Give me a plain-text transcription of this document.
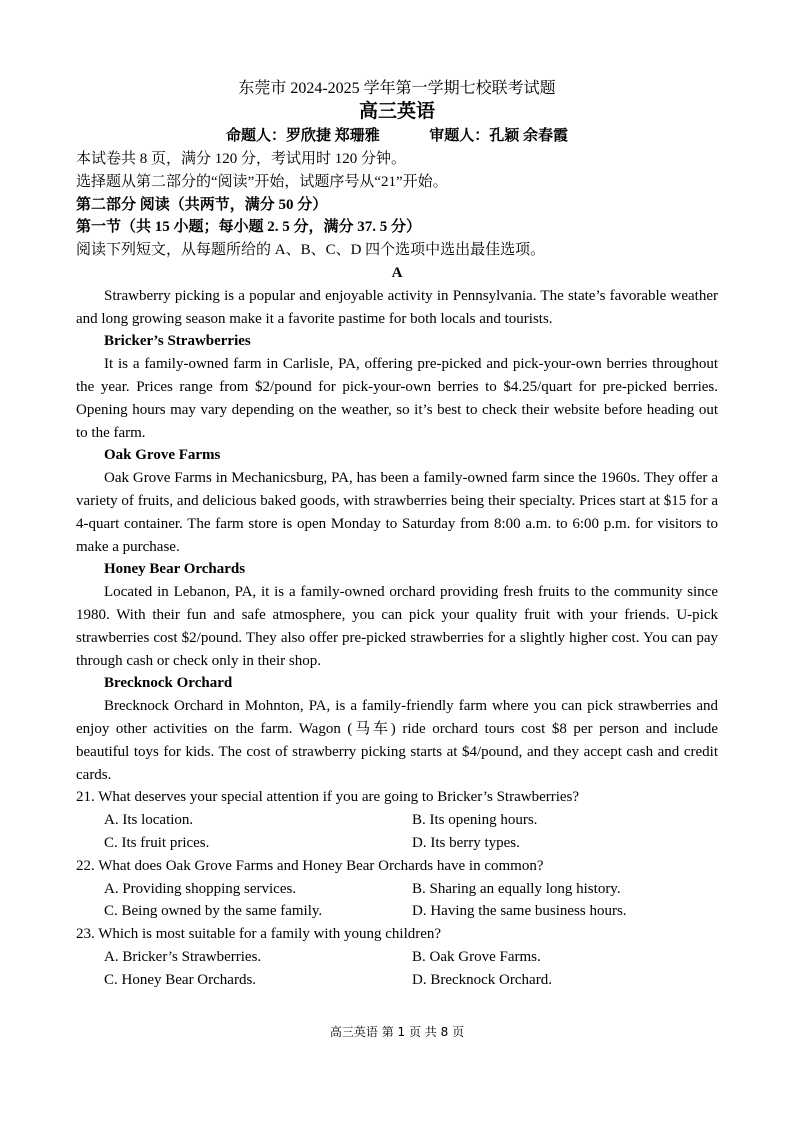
东莞市 2024-2025 学年第一学期七校联考试题

高三英语

命题人：罗欣捷 郑珊雅	审题人：孔颖 余春霞

本试卷共 8 页，满分 120 分，考试用时 120 分钟。

选择题从第二部分的“阅读”开始，试题序号从“21”开始。

第二部分 阅读（共两节，满分 50 分）

第一节（共 15 小题；每小题 2. 5 分，满分 37. 5 分）

阅读下列短文，从每题所给的 A、B、C、D 四个选项中选出最佳选项。

A

Strawberry picking is a popular and enjoyable activity in Pennsylvania. The state’s favorable weather and long growing season make it a favorite pastime for both locals and tourists.

Bricker’s Strawberries

It is a family-owned farm in Carlisle, PA, offering pre-picked and pick-your-own berries throughout the year. Prices range from $2/pound for pick-your-own berries to $4.25/quart for pre-picked berries. Opening hours may vary depending on the weather, so it’s best to check their website before heading out to the farm.

Oak Grove Farms

Oak Grove Farms in Mechanicsburg, PA, has been a family-owned farm since the 1960s. They offer a variety of fruits, and delicious baked goods, with strawberries being their specialty. Prices start at $15 for a 4-quart container. The farm store is open Monday to Saturday from 8:00 a.m. to 6:00 p.m. for visitors to make a purchase.

Honey Bear Orchards

Located in Lebanon, PA, it is a family-owned orchard providing fresh fruits to the community since 1980. With their fun and safe atmosphere, you can pick your quality fruit with your friends. U-pick strawberries cost $2/pound. They also offer pre-picked strawberries for a slightly higher cost. You can pay through cash or check only in their shop.

Brecknock Orchard

Brecknock Orchard in Mohnton, PA, is a family-friendly farm where you can pick strawberries and enjoy other activities on the farm. Wagon (马车) ride orchard tours cost $8 per person and include beautiful toys for kids. The cost of strawberry picking starts at $4/pound, and they accept cash and credit cards.

21. What deserves your special attention if you are going to Bricker’s Strawberries?

A. Its location.	B. Its opening hours.
C. Its fruit prices.	D. Its berry types.

22. What does Oak Grove Farms and Honey Bear Orchards have in common?

A. Providing shopping services.	B. Sharing an equally long history.
C. Being owned by the same family.	D. Having the same business hours.

23. Which is most suitable for a family with young children?

A. Bricker’s Strawberries.	B. Oak Grove Farms.
C. Honey Bear Orchards.	D. Brecknock Orchard.
高三英语 第 1 页 共 8 页
